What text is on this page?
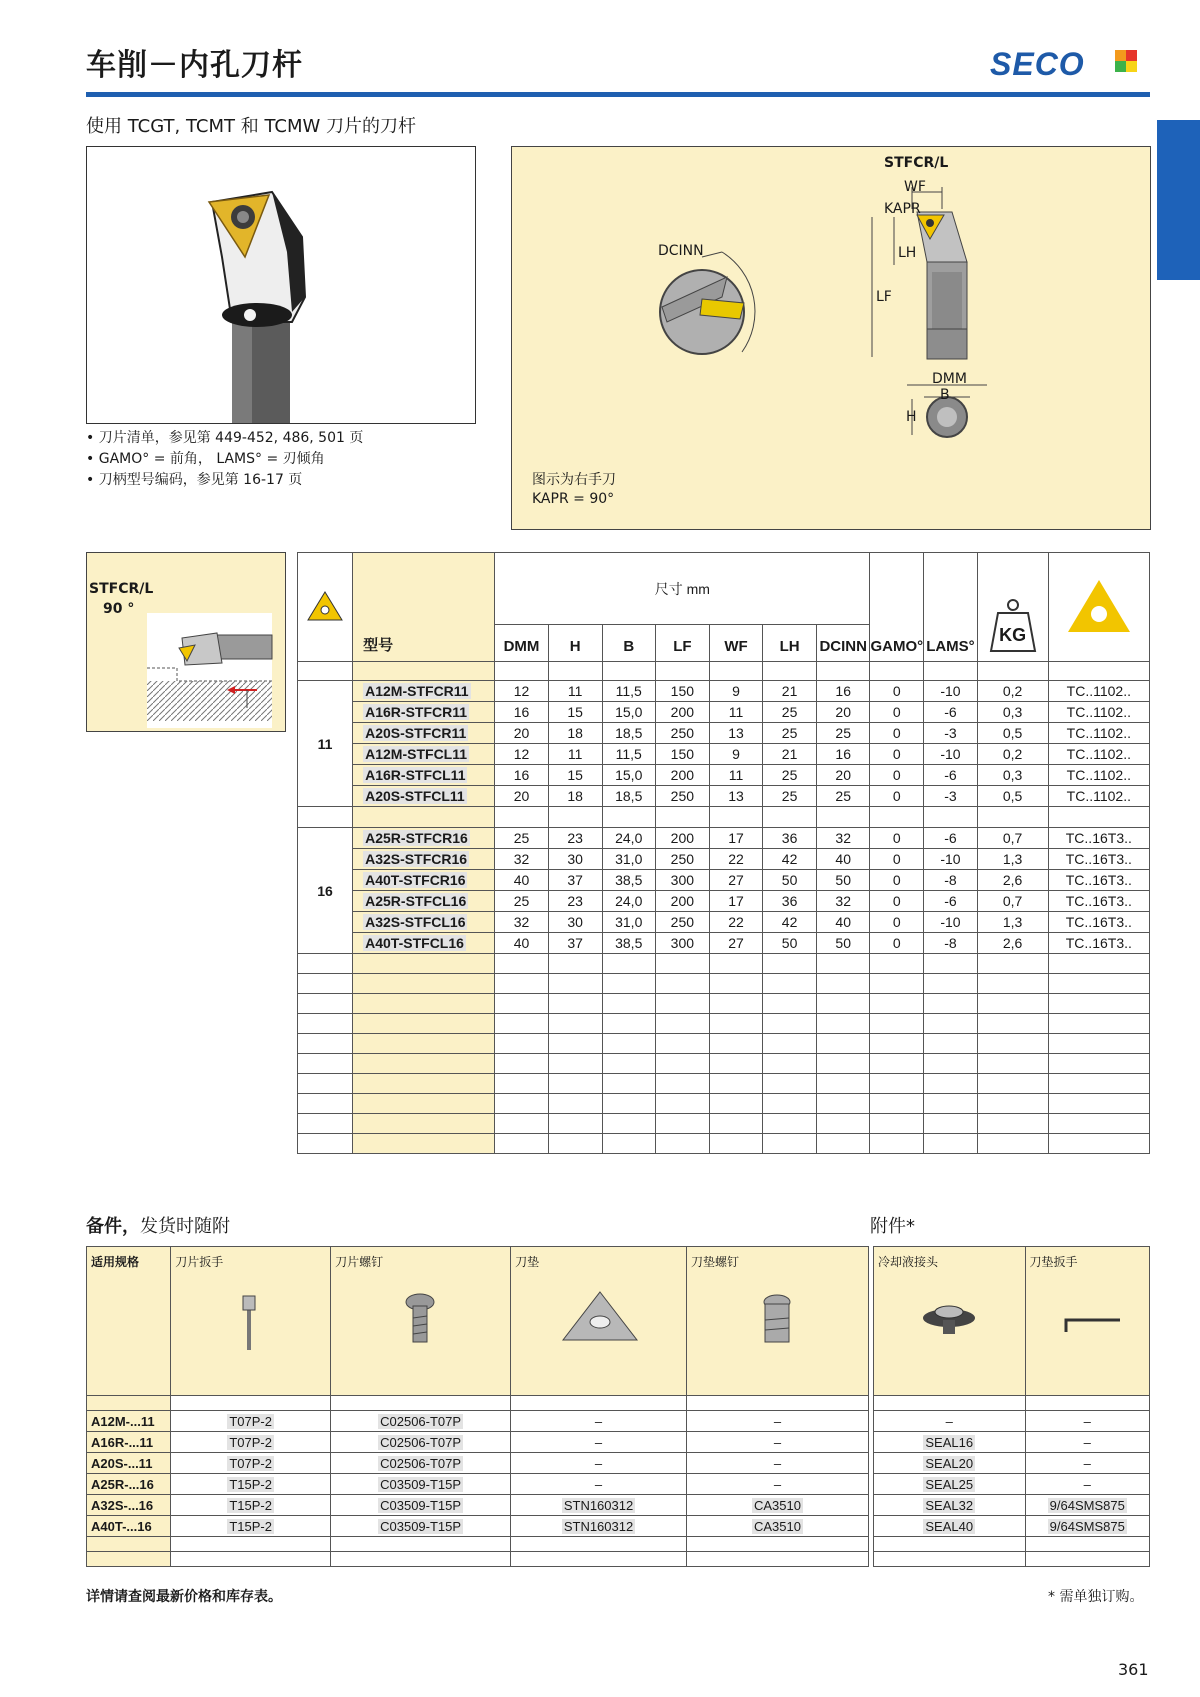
车削－内孔刀杆	SECO
使用 TCGT, TCMT 和 TCMW 刀片的刀杆
• 刀片清单，参见第 449-452, 486, 501 页
• GAMO° = 前角， LAMS° = 刃倾角
• 刀柄型号编码，参见第 16-17 页
STFCR/L
WF
KAPR
LH
LF
DCINN
DMM
B
H
图示为右手刀
KAPR = 90°
STFCR/L
90 °
	型号	尺寸 mm							GAMO°	LAMS°	KG

		DMM	H	B	LF	WF	LH	DCINN				

11	A12M-STFCR11	12	11	11,5	150	9	21	16	0	-10	0,2	TC..1102..
	A16R-STFCR11	16	15	15,0	200	11	25	20	0	-6	0,3	TC..1102..
	A20S-STFCR11	20	18	18,5	250	13	25	25	0	-3	0,5	TC..1102..
	A12M-STFCL11	12	11	11,5	150	9	21	16	0	-10	0,2	TC..1102..
	A16R-STFCL11	16	15	15,0	200	11	25	20	0	-6	0,3	TC..1102..
	A20S-STFCL11	20	18	18,5	250	13	25	25	0	-3	0,5	TC..1102..

16	A25R-STFCR16	25	23	24,0	200	17	36	32	0	-6	0,7	TC..16T3..
	A32S-STFCR16	32	30	31,0	250	22	42	40	0	-10	1,3	TC..16T3..
	A40T-STFCR16	40	37	38,5	300	27	50	50	0	-8	2,6	TC..16T3..
	A25R-STFCL16	25	23	24,0	200	17	36	32	0	-6	0,7	TC..16T3..
	A32S-STFCL16	32	30	31,0	250	22	42	40	0	-10	1,3	TC..16T3..
	A40T-STFCL16	40	37	38,5	300	27	50	50	0	-8	2,6	TC..16T3..

备件，发货时随附	附件*
适用规格	刀片扳手	刀片螺钉	刀垫	刀垫螺钉

A12M-...11	T07P-2	C02506-T07P	–	–
A16R-...11	T07P-2	C02506-T07P	–	–
A20S-...11	T07P-2	C02506-T07P	–	–
A25R-...16	T15P-2	C03509-T15P	–	–
A32S-...16	T15P-2	C03509-T15P	STN160312	CA3510
A40T-...16	T15P-2	C03509-T15P	STN160312	CA3510

冷却液接头	刀垫扳手

–	–
SEAL16	–
SEAL20	–
SEAL25	–
SEAL32	9/64SMS875
SEAL40	9/64SMS875

详情请查阅最新价格和库存表。	* 需单独订购。
361
